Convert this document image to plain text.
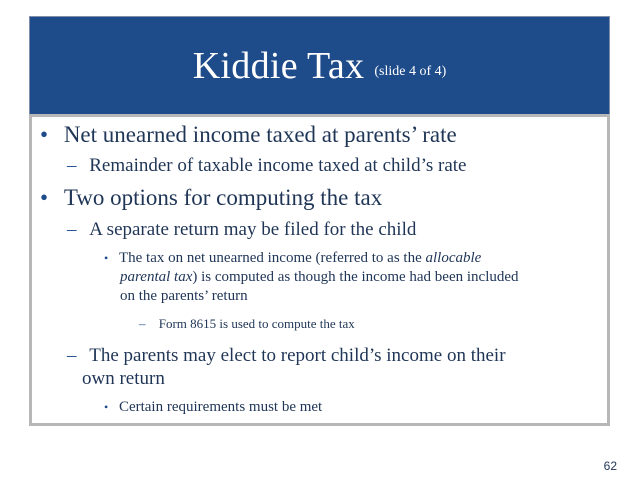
Kiddie Tax (slide 4 of 4)
• Net unearned income taxed at parents’ rate
– Remainder of taxable income taxed at child’s rate
• Two options for computing the tax
– A separate return may be filed for the child
• The tax on net unearned income (referred to as the allocable
parental tax) is computed as though the income had been included
on the parents’ return
– Form 8615 is used to compute the tax
– The parents may elect to report child’s income on their
own return
• Certain requirements must be met
62
